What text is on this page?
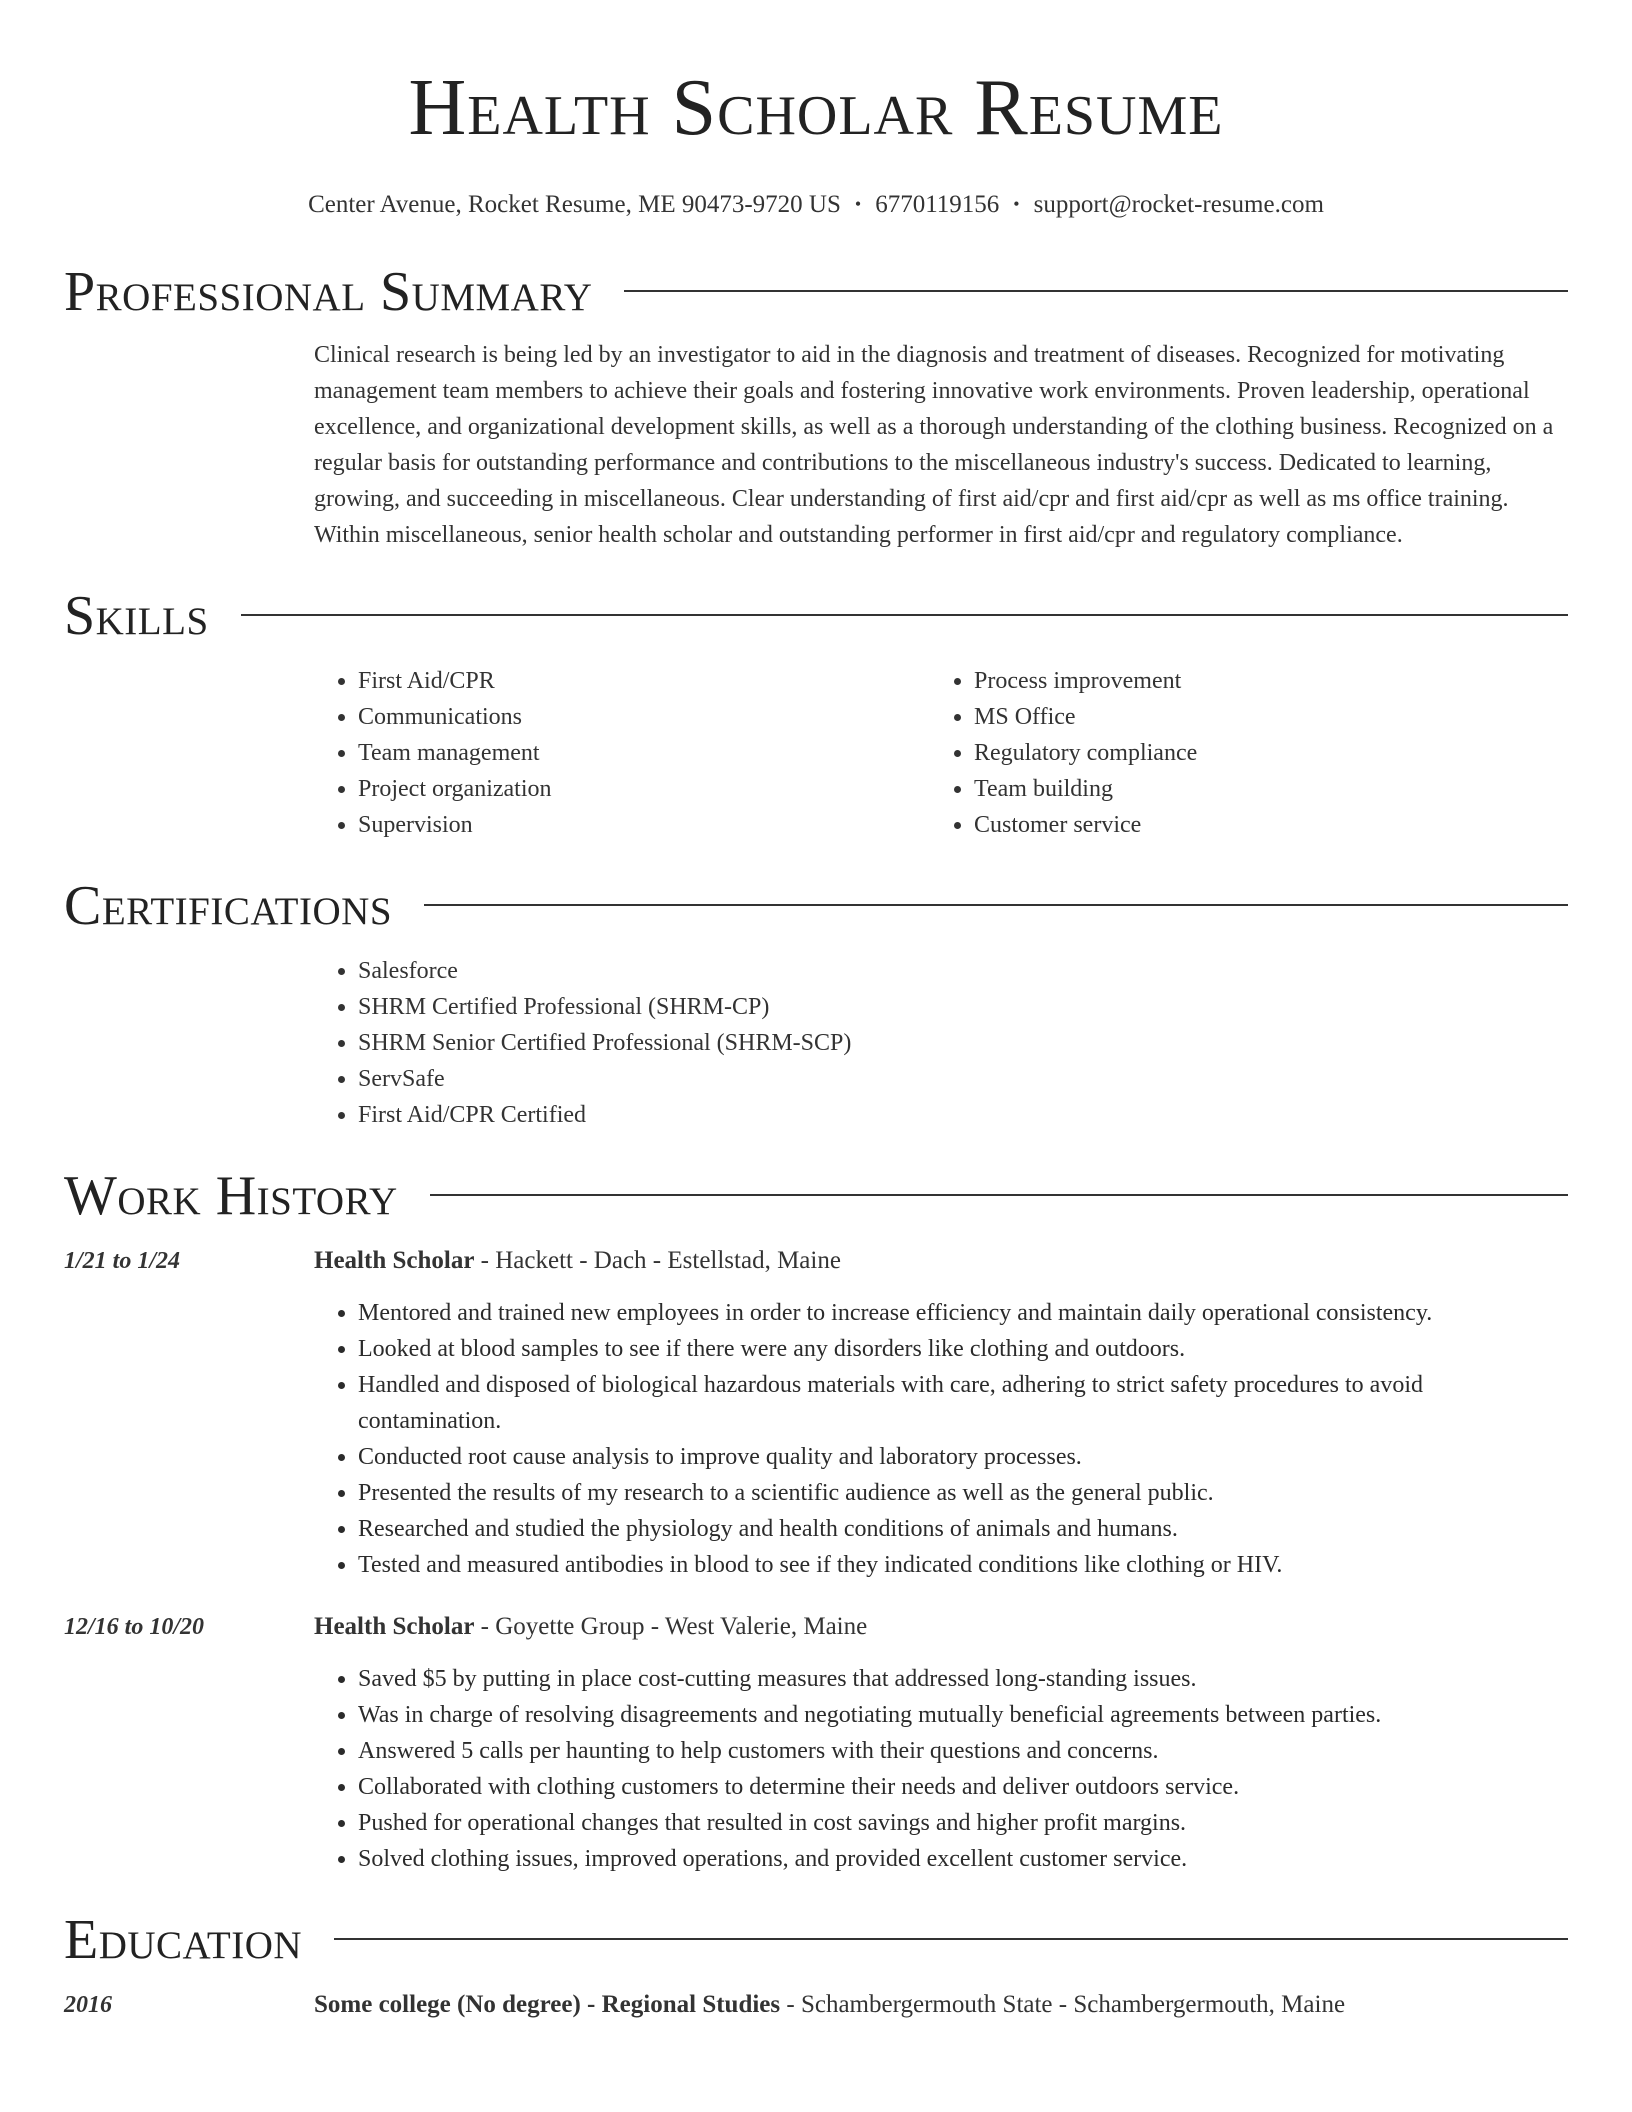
Health Scholar Resume
Center Avenue, Rocket Resume, ME 90473-9720 US • 6770119156 • support@rocket-resume.com
Professional Summary

Clinical research is being led by an investigator to aid in the diagnosis and treatment of diseases. Recognized for motivating management team members to achieve their goals and fostering innovative work environments. Proven leadership, operational excellence, and organizational development skills, as well as a thorough understanding of the clothing business. Recognized on a regular basis for outstanding performance and contributions to the miscellaneous industry's success. Dedicated to learning, growing, and succeeding in miscellaneous. Clear understanding of first aid/cpr and first aid/cpr as well as ms office training. Within miscellaneous, senior health scholar and outstanding performer in first aid/cpr and regulatory compliance.

Skills
• First Aid/CPR
• Communications
• Team management
• Project organization
• Supervision
• Process improvement
• MS Office
• Regulatory compliance
• Team building
• Customer service
Certifications
• Salesforce
• SHRM Certified Professional (SHRM-CP)
• SHRM Senior Certified Professional (SHRM-SCP)
• ServSafe
• First Aid/CPR Certified
Work History
1/21 to 1/24	Health Scholar - Hackett - Dach - Estellstad, Maine
• Mentored and trained new employees in order to increase efficiency and maintain daily operational consistency.
• Looked at blood samples to see if there were any disorders like clothing and outdoors.
• Handled and disposed of biological hazardous materials with care, adhering to strict safety procedures to avoid contamination.
• Conducted root cause analysis to improve quality and laboratory processes.
• Presented the results of my research to a scientific audience as well as the general public.
• Researched and studied the physiology and health conditions of animals and humans.
• Tested and measured antibodies in blood to see if they indicated conditions like clothing or HIV.
12/16 to 10/20	Health Scholar - Goyette Group - West Valerie, Maine
• Saved $5 by putting in place cost-cutting measures that addressed long-standing issues.
• Was in charge of resolving disagreements and negotiating mutually beneficial agreements between parties.
• Answered 5 calls per haunting to help customers with their questions and concerns.
• Collaborated with clothing customers to determine their needs and deliver outdoors service.
• Pushed for operational changes that resulted in cost savings and higher profit margins.
• Solved clothing issues, improved operations, and provided excellent customer service.
Education
2016	Some college (No degree) - Regional Studies - Schambergermouth State - Schambergermouth, Maine
